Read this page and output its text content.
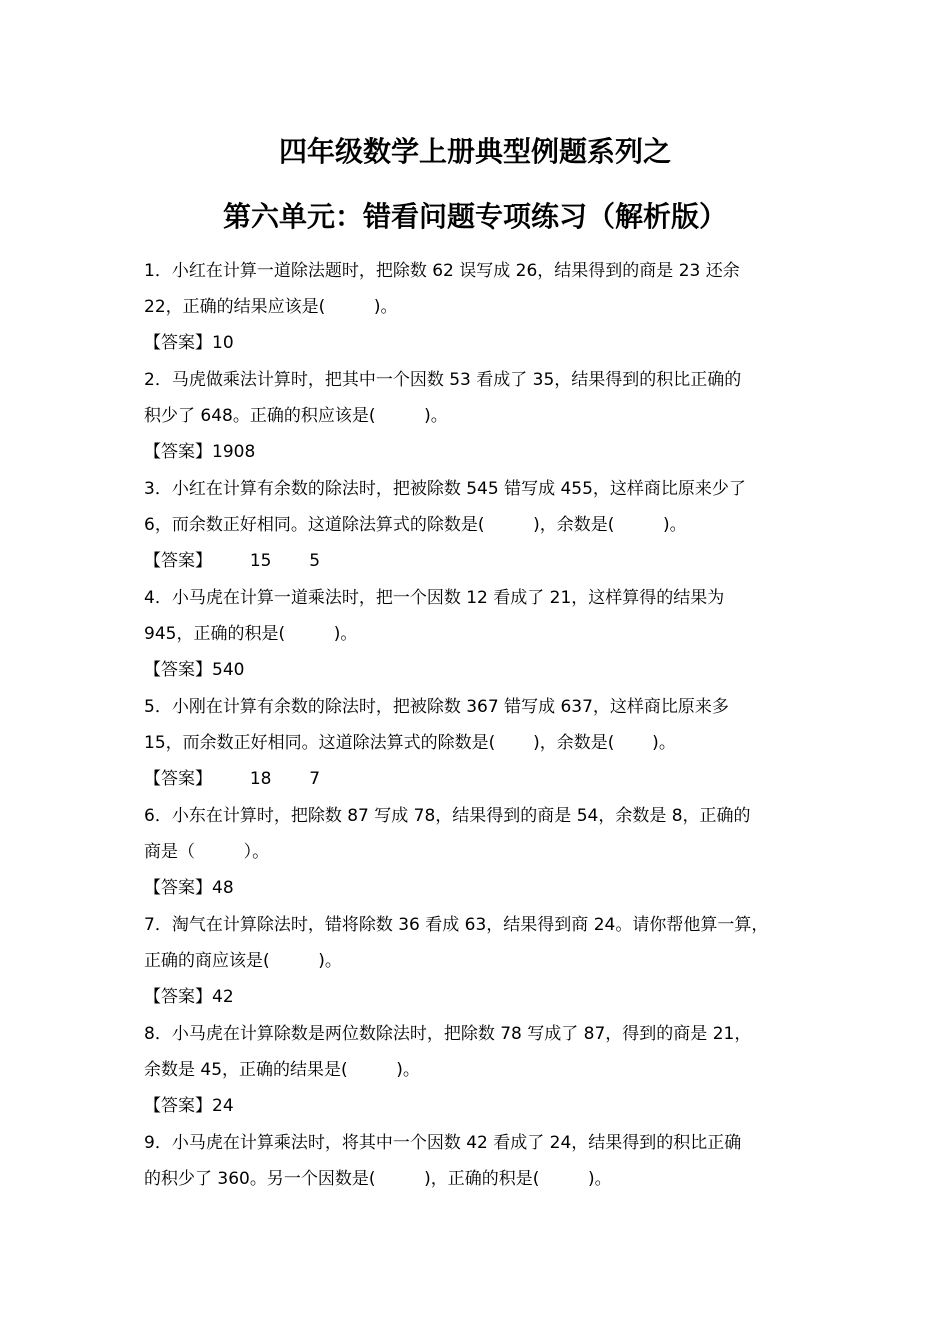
四年级数学上册典型例题系列之
第六单元：错看问题专项练习（解析版）
1．小红在计算一道除法题时，把除数 62 误写成 26，结果得到的商是 23 还余
22，正确的结果应该是(         )。
【答案】10
2．马虎做乘法计算时，把其中一个因数 53 看成了 35，结果得到的积比正确的
积少了 648。正确的积应该是(         )。
【答案】1908
3．小红在计算有余数的除法时，把被除数 545 错写成 455，这样商比原来少了
6，而余数正好相同。这道除法算式的除数是(         )，余数是(         )。
【答案】       15       5
4．小马虎在计算一道乘法时，把一个因数 12 看成了 21，这样算得的结果为
945，正确的积是(         )。
【答案】540
5．小刚在计算有余数的除法时，把被除数 367 错写成 637，这样商比原来多
15，而余数正好相同。这道除法算式的除数是(       )，余数是(       )。
【答案】       18       7
6．小东在计算时，把除数 87 写成 78，结果得到的商是 54，余数是 8，正确的
商是（         ）。
【答案】48
7．淘气在计算除法时，错将除数 36 看成 63，结果得到商 24。请你帮他算一算，
正确的商应该是(         )。
【答案】42
8．小马虎在计算除数是两位数除法时，把除数 78 写成了 87，得到的商是 21，
余数是 45，正确的结果是(         )。
【答案】24
9．小马虎在计算乘法时，将其中一个因数 42 看成了 24，结果得到的积比正确
的积少了 360。另一个因数是(         )，正确的积是(         )。
